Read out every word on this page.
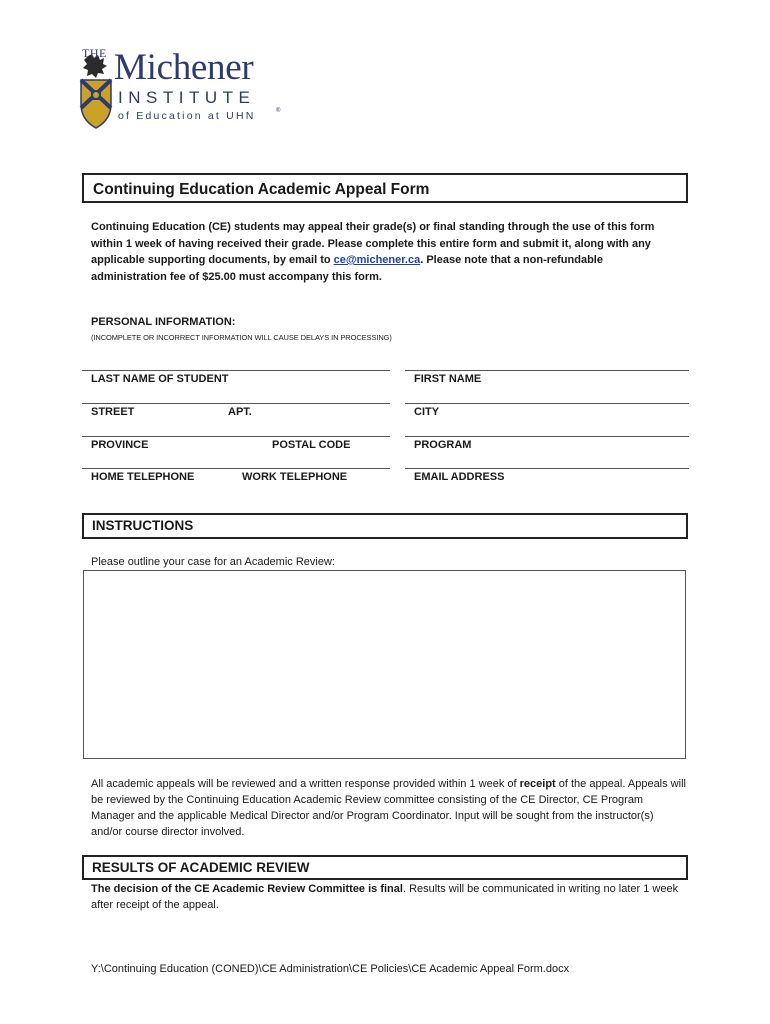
THE Michener
INSTITUTE
of Education at UHN	®
Continuing Education Academic Appeal Form
Continuing Education (CE) students may appeal their grade(s) or final standing through the use of this form within 1 week of having received their grade. Please complete this entire form and submit it, along with any applicable supporting documents, by email to ce@michener.ca. Please note that a non-refundable administration fee of $25.00 must accompany this form.
PERSONAL INFORMATION:
(INCOMPLETE OR INCORRECT INFORMATION WILL CAUSE DELAYS IN PROCESSING)
LAST NAME OF STUDENT	FIRST NAME
STREET	APT.	CITY
PROVINCE	POSTAL CODE	PROGRAM
HOME TELEPHONE	WORK TELEPHONE	EMAIL ADDRESS
INSTRUCTIONS
Please outline your case for an Academic Review:
All academic appeals will be reviewed and a written response provided within 1 week of receipt of the appeal. Appeals will be reviewed by the Continuing Education Academic Review committee consisting of the CE Director, CE Program Manager and the applicable Medical Director and/or Program Coordinator. Input will be sought from the instructor(s) and/or course director involved.
RESULTS OF ACADEMIC REVIEW
The decision of the CE Academic Review Committee is final. Results will be communicated in writing no later 1 week after receipt of the appeal.
Y:\Continuing Education (CONED)\CE Administration\CE Policies\CE Academic Appeal Form.docx
